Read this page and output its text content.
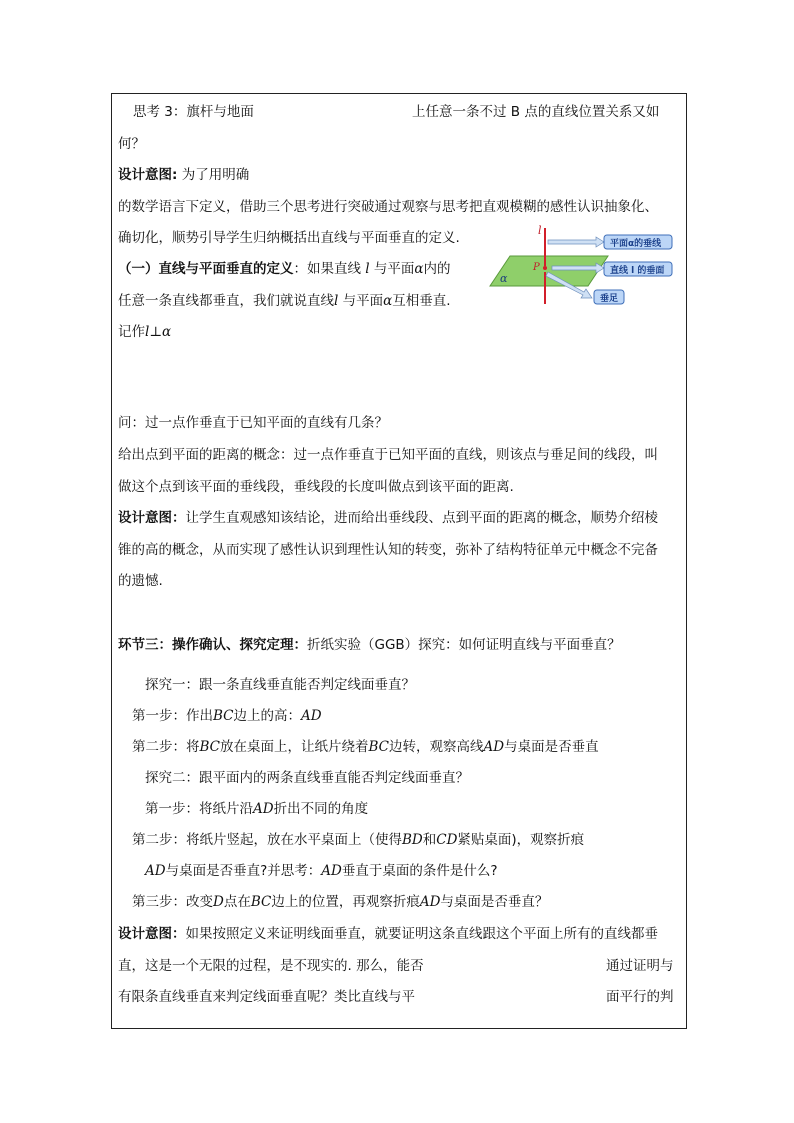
思考 3：旗杆与地面	上任意一条不过 B 点的直线位置关系又如
何？
设计意图: 为了用明确
的数学语言下定义，借助三个思考进行突破通过观察与思考把直观模糊的感性认识抽象化、
确切化，顺势引导学生归纳概括出直线与平面垂直的定义.
（一）直线与平面垂直的定义：如果直线 l 与平面α内的
任意一条直线都垂直，我们就说直线l 与平面α互相垂直.
记作l⊥α
l
α
P
平面α的垂线
直线 l 的垂面
垂足
问：过一点作垂直于已知平面的直线有几条？
给出点到平面的距离的概念：过一点作垂直于已知平面的直线，则该点与垂足间的线段，叫
做这个点到该平面的垂线段，垂线段的长度叫做点到该平面的距离.
设计意图：让学生直观感知该结论，进而给出垂线段、点到平面的距离的概念，顺势介绍棱
锥的高的概念，从而实现了感性认识到理性认知的转变，弥补了结构特征单元中概念不完备
的遗憾.
环节三：操作确认、探究定理：折纸实验（GGB）探究：如何证明直线与平面垂直？
探究一：跟一条直线垂直能否判定线面垂直？
第一步：作出BC边上的高：AD
第二步：将BC放在桌面上，让纸片绕着BC边转，观察高线AD与桌面是否垂直
探究二：跟平面内的两条直线垂直能否判定线面垂直？
第一步：将纸片沿AD折出不同的角度
第二步：将纸片竖起，放在水平桌面上（使得BD和CD紧贴桌面)，观察折痕
AD与桌面是否垂直?并思考：AD垂直于桌面的条件是什么?
第三步：改变D点在BC边上的位置，再观察折痕AD与桌面是否垂直？
设计意图：如果按照定义来证明线面垂直，就要证明这条直线跟这个平面上所有的直线都垂
直，这是一个无限的过程，是不现实的. 那么，能否	通过证明与
有限条直线垂直来判定线面垂直呢？类比直线与平	面平行的判
